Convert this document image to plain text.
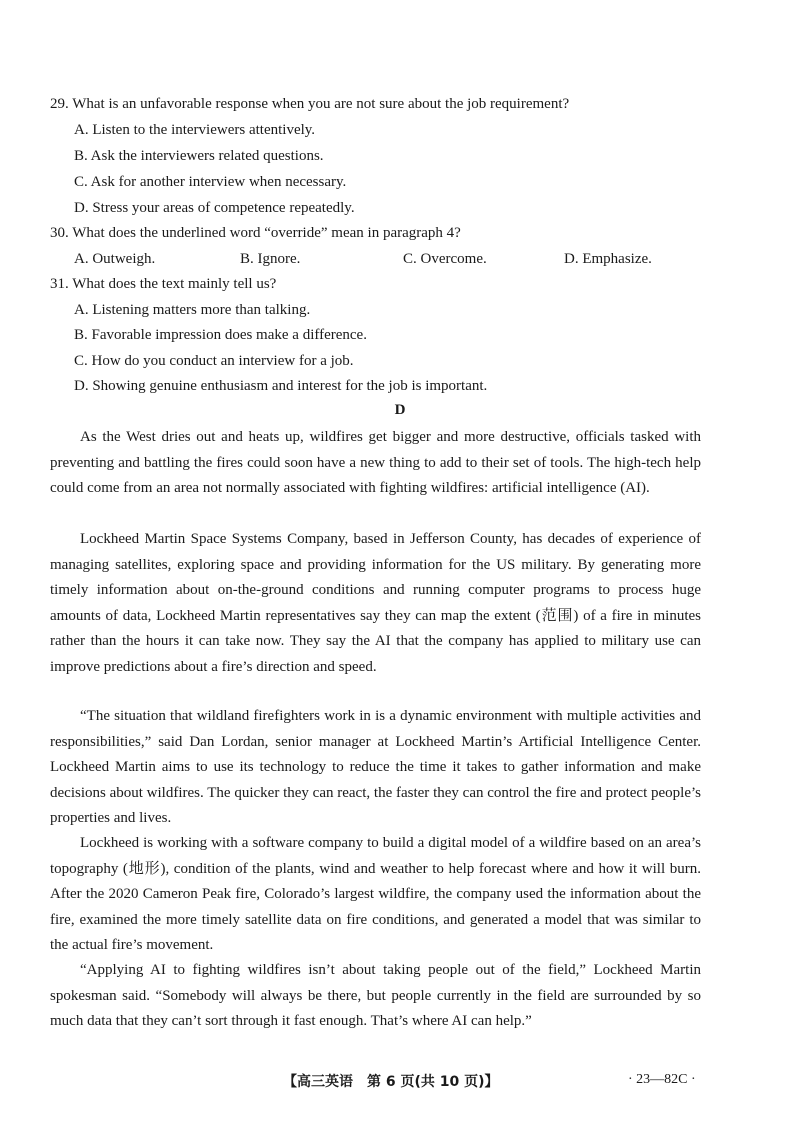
29. What is an unfavorable response when you are not sure about the job requirement?
A. Listen to the interviewers attentively.
B. Ask the interviewers related questions.
C. Ask for another interview when necessary.
D. Stress your areas of competence repeatedly.
30. What does the underlined word “override” mean in paragraph 4?
A. Outweigh.	B. Ignore.	C. Overcome.	D. Emphasize.
31. What does the text mainly tell us?
A. Listening matters more than talking.
B. Favorable impression does make a difference.
C. How do you conduct an interview for a job.
D. Showing genuine enthusiasm and interest for the job is important.
D
As the West dries out and heats up, wildfires get bigger and more destructive, officials tasked with preventing and battling the fires could soon have a new thing to add to their set of tools. The high-tech help could come from an area not normally associated with fighting wildfires: artificial intelligence (AI).
Lockheed Martin Space Systems Company, based in Jefferson County, has decades of experience of managing satellites, exploring space and providing information for the US military. By generating more timely information about on-the-ground conditions and running computer programs to process huge amounts of data, Lockheed Martin representatives say they can map the extent (范围) of a fire in minutes rather than the hours it can take now. They say the AI that the company has applied to military use can improve predictions about a fire’s direction and speed.
“The situation that wildland firefighters work in is a dynamic environment with multiple activities and responsibilities,” said Dan Lordan, senior manager at Lockheed Martin’s Artificial Intelligence Center. Lockheed Martin aims to use its technology to reduce the time it takes to gather information and make decisions about wildfires. The quicker they can react, the faster they can control the fire and protect people’s properties and lives.
Lockheed is working with a software company to build a digital model of a wildfire based on an area’s topography (地形), condition of the plants, wind and weather to help forecast where and how it will burn. After the 2020 Cameron Peak fire, Colorado’s largest wildfire, the company used the information about the fire, examined the more timely satellite data on fire conditions, and generated a model that was similar to the actual fire’s movement.
“Applying AI to fighting wildfires isn’t about taking people out of the field,” Lockheed Martin spokesman said. “Somebody will always be there, but people currently in the field are surrounded by so much data that they can’t sort through it fast enough. That’s where AI can help.”
【高三英语　第 6 页(共 10 页)】	· 23—82C ·
